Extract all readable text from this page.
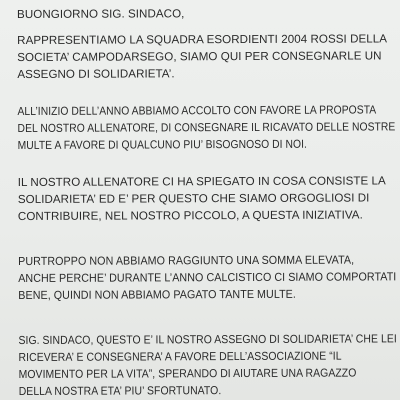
BUONGIORNO SIG. SINDACO,
RAPPRESENTIAMO LA SQUADRA ESORDIENTI 2004 ROSSI DELLA
SOCIETA’ CAMPODARSEGO, SIAMO QUI PER CONSEGNARLE UN
ASSEGNO DI SOLIDARIETA’.
ALL’INIZIO DELL’ANNO ABBIAMO ACCOLTO CON FAVORE LA PROPOSTA
DEL NOSTRO ALLENATORE, DI CONSEGNARE IL RICAVATO DELLE NOSTRE
MULTE A FAVORE DI QUALCUNO PIU’ BISOGNOSO DI NOI.
IL NOSTRO ALLENATORE CI HA SPIEGATO IN COSA CONSISTE LA
SOLIDARIETA’ ED E’ PER QUESTO CHE SIAMO ORGOGLIOSI DI
CONTRIBUIRE, NEL NOSTRO PICCOLO, A QUESTA INIZIATIVA.
PURTROPPO NON ABBIAMO RAGGIUNTO UNA SOMMA ELEVATA,
ANCHE PERCHE’ DURANTE L’ANNO CALCISTICO CI SIAMO COMPORTATI
BENE, QUINDI NON ABBIAMO PAGATO TANTE MULTE.
SIG. SINDACO, QUESTO E’ IL NOSTRO ASSEGNO DI SOLIDARIETA’ CHE LEI
RICEVERA’ E CONSEGNERA’ A FAVORE DELL’ASSOCIAZIONE “IL
MOVIMENTO PER LA VITA”, SPERANDO DI AIUTARE UNA RAGAZZO
DELLA NOSTRA ETA’ PIU’ SFORTUNATO.
